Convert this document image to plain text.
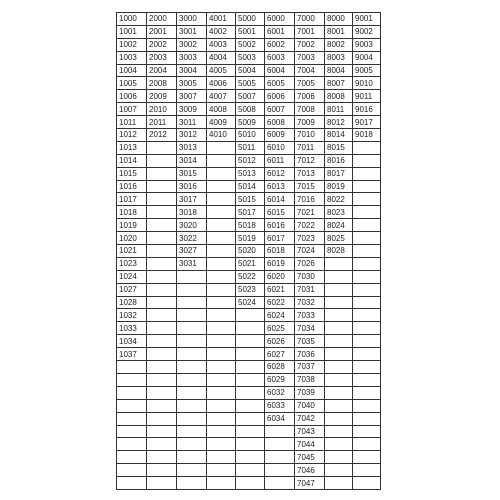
1000	2000	3000	4001	5000	6000	7000	8000	9001
1001	2001	3001	4002	5001	6001	7001	8001	9002
1002	2002	3002	4003	5002	6002	7002	8002	9003
1003	2003	3003	4004	5003	6003	7003	8003	9004
1004	2004	3004	4005	5004	6004	7004	8004	9005
1005	2008	3005	4006	5005	6005	7005	8007	9010
1006	2009	3007	4007	5007	6006	7006	8008	9011
1007	2010	3009	4008	5008	6007	7008	8011	9016
1011	2011	3011	4009	5009	6008	7009	8012	9017
1012	2012	3012	4010	5010	6009	7010	8014	9018
1013		3013		5011	6010	7011	8015	
1014		3014		5012	6011	7012	8016	
1015		3015		5013	6012	7013	8017	
1016		3016		5014	6013	7015	8019	
1017		3017		5015	6014	7016	8022	
1018		3018		5017	6015	7021	8023	
1019		3020		5018	6016	7022	8024	
1020		3022		5019	6017	7023	8025	
1021		3027		5020	6018	7024	8028	
1023		3031		5021	6019	7026		
1024				5022	6020	7030		
1027				5023	6021	7031		
1028				5024	6022	7032		
1032					6024	7033		
1033					6025	7034		
1034					6026	7035		
1037					6027	7036		
					6028	7037		
					6029	7038		
					6032	7039		
					6033	7040		
					6034	7042		
						7043		
						7044		
						7045		
						7046		
						7047		
